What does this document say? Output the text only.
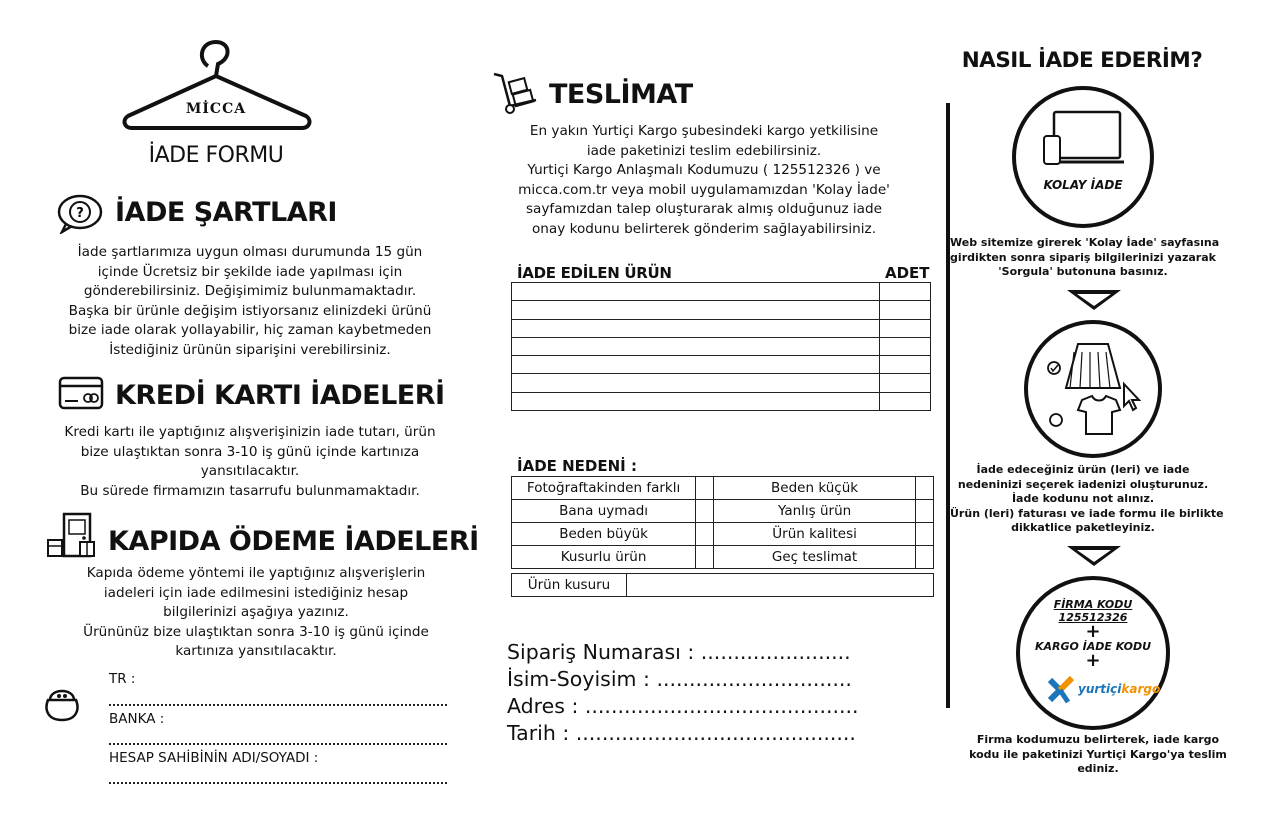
MİCCA
İADE FORMU
? İADE ŞARTLARI
İade şartlarımıza uygun olması durumunda 15 gün
içinde Ücretsiz bir şekilde iade yapılması için
gönderebilirsiniz. Değişimimiz bulunmamaktadır.
Başka bir ürünle değişim istiyorsanız elinizdeki ürünü
bize iade olarak yollayabilir, hiç zaman kaybetmeden
İstediğiniz ürünün siparişini verebilirsiniz.
KREDİ KARTI İADELERİ
Kredi kartı ile yaptığınız alışverişinizin iade tutarı, ürün
bize ulaştıktan sonra 3-10 iş günü içinde kartınıza
yansıtılacaktır.
Bu sürede firmamızın tasarrufu bulunmamaktadır.
KAPIDA ÖDEME İADELERİ
Kapıda ödeme yöntemi ile yaptığınız alışverişlerin
iadeleri için iade edilmesini istediğiniz hesap
bilgilerinizi aşağıya yazınız.
Ürününüz bize ulaştıktan sonra 3-10 iş günü içinde
kartınıza yansıtılacaktır.
TR :
BANKA :
HESAP SAHİBİNİN ADI/SOYADI :
TESLİMAT
En yakın Yurtiçi Kargo şubesindeki kargo yetkilisine
iade paketinizi teslim edebilirsiniz.
Yurtiçi Kargo Anlaşmalı Kodumuzu ( 125512326 ) ve
micca.com.tr veya mobil uygulamamızdan 'Kolay İade'
sayfamızdan talep oluşturarak almış olduğunuz iade
onay kodunu belirterek gönderim sağlayabilirsiniz.
İADE EDİLEN ÜRÜN	ADET

İADE NEDENİ :
Fotoğraftakinden farklı		Beden küçük	
Bana uymadı		Yanlış ürün	
Beden büyük		Ürün kalitesi	
Kusurlu ürün		Geç teslimat	
Ürün kusuru	
Sipariş Numarası : .......................
İsim-Soyisim : ..............................
Adres : ..........................................
Tarih : ...........................................
NASIL İADE EDERİM?
KOLAY İADE
Web sitemize girerek 'Kolay İade' sayfasına
girdikten sonra sipariş bilgilerinizi yazarak
'Sorgula' butonuna basınız.
İade edeceğiniz ürün (leri) ve iade
nedeninizi seçerek iadenizi oluşturunuz.
İade kodunu not alınız.
Ürün (leri) faturası ve iade formu ile birlikte
dikkatlice paketleyiniz.
FİRMA KODU
125512326
+
KARGO İADE KODU
+
yurtiçikargo
Firma kodumuzu belirterek, iade kargo
kodu ile paketinizi Yurtiçi Kargo'ya teslim
ediniz.
